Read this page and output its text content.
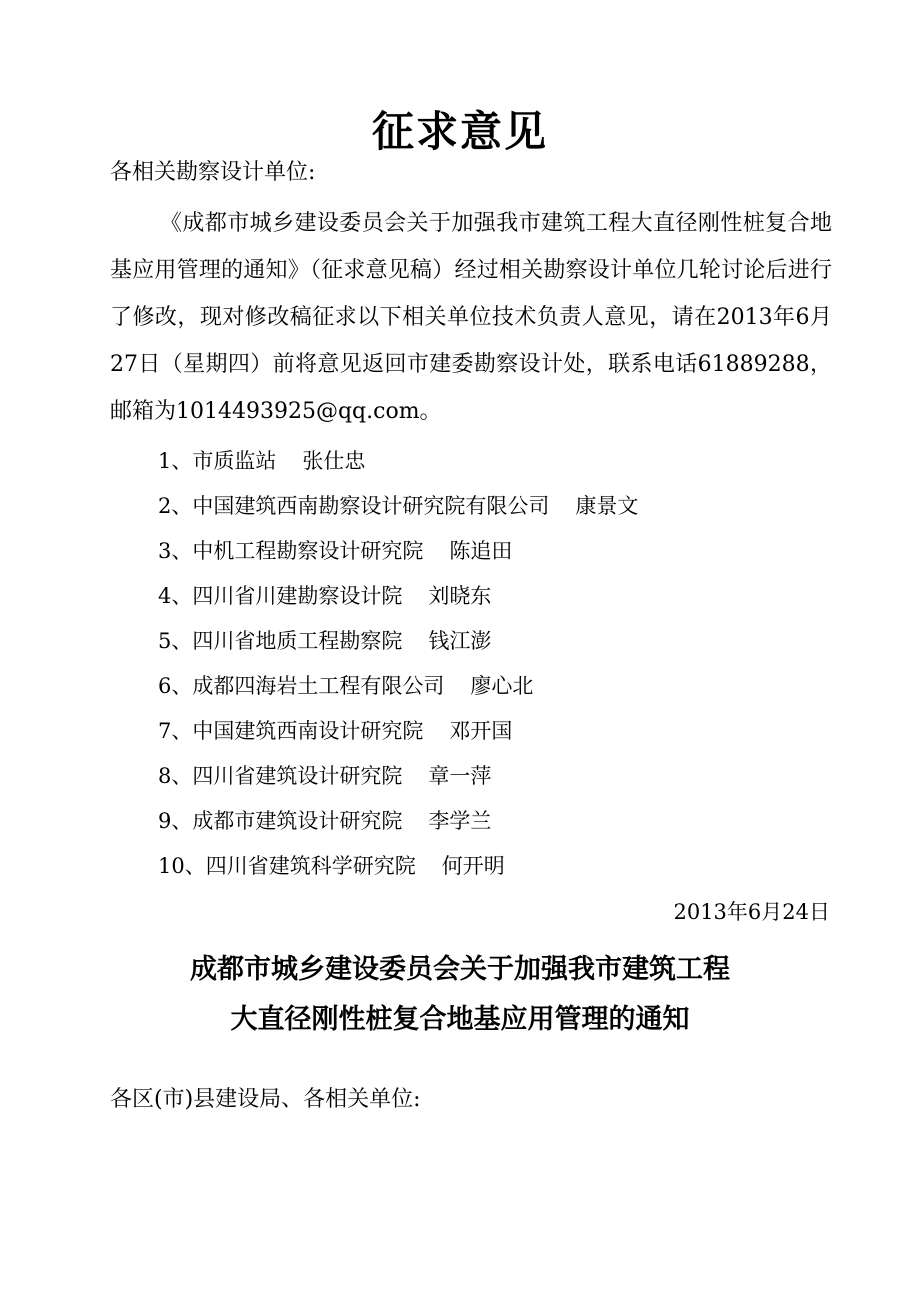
征求意见
各相关勘察设计单位:

《成都市城乡建设委员会关于加强我市建筑工程大直径刚性桩复合地基应用管理的通知》（征求意见稿）经过相关勘察设计单位几轮讨论后进行了修改，现对修改稿征求以下相关单位技术负责人意见，请在2013年6月27日（星期四）前将意见返回市建委勘察设计处，联系电话61889288，邮箱为1014493925@qq.com。

1、市质监站 张仕忠
2、中国建筑西南勘察设计研究院有限公司 康景文
3、中机工程勘察设计研究院 陈追田
4、四川省川建勘察设计院 刘晓东
5、四川省地质工程勘察院 钱江澎
6、成都四海岩土工程有限公司 廖心北
7、中国建筑西南设计研究院 邓开国
8、四川省建筑设计研究院 章一萍
9、成都市建筑设计研究院 李学兰
10、四川省建筑科学研究院 何开明
2013年6月24日
成都市城乡建设委员会关于加强我市建筑工程
大直径刚性桩复合地基应用管理的通知
各区(市)县建设局、各相关单位:
